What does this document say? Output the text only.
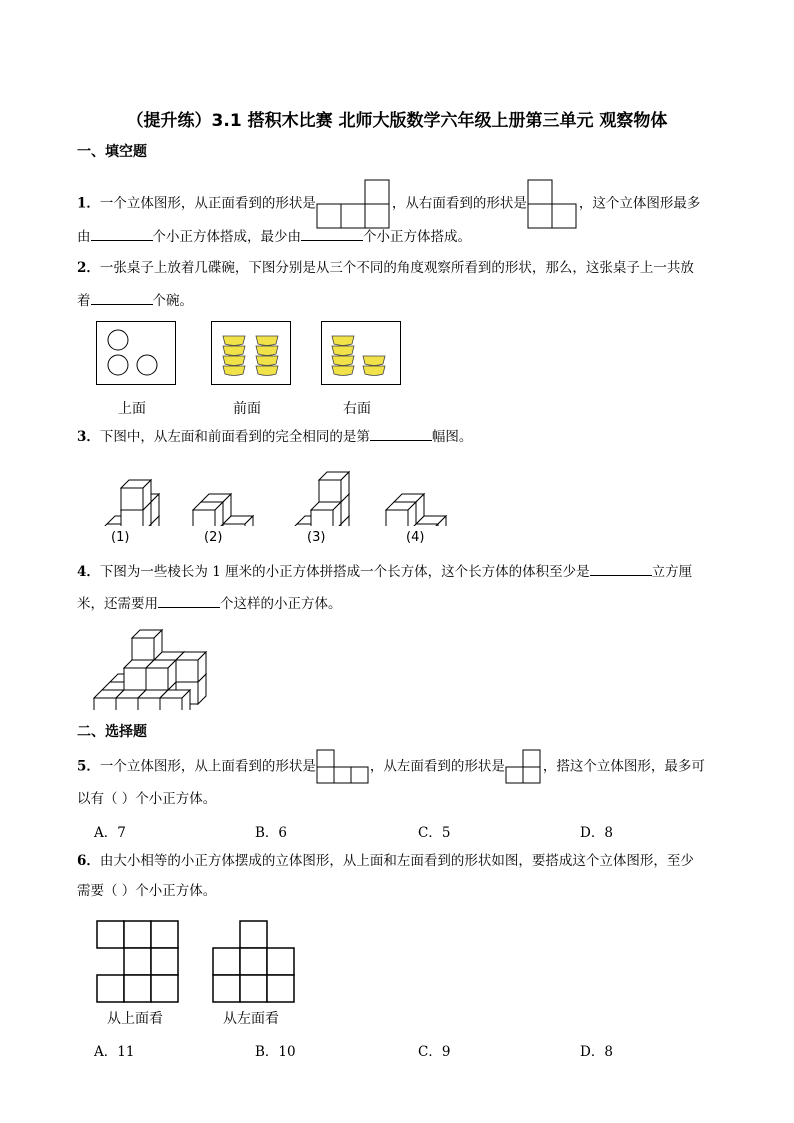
（提升练）3.1 搭积木比赛 北师大版数学六年级上册第三单元 观察物体
一、填空题
1．一个立体图形，从正面看到的形状是	，从右面看到的形状是	，这个立体图形最多
由	个小正方体搭成，最少由	个小正方体搭成。
2．一张桌子上放着几碟碗，下图分别是从三个不同的角度观察所看到的形状，那么，这张桌子上一共放
着	个碗。
上面	前面	右面
3．下图中，从左面和前面看到的完全相同的是第	幅图。
(1)	(2)	(3)	(4)
4．下图为一些棱长为 1 厘米的小正方体拼搭成一个长方体，这个长方体的体积至少是	立方厘
米，还需要用	个这样的小正方体。
二、选择题
5．一个立体图形，从上面看到的形状是	，从左面看到的形状是	，搭这个立体图形，最多可
以有（ ）个小正方体。
A．7	B．6	C．5	D．8
6．由大小相等的小正方体摆成的立体图形，从上面和左面看到的形状如图，要搭成这个立体图形，至少
需要（ ）个小正方体。
从上面看	从左面看
A．11	B．10	C．9	D．8
